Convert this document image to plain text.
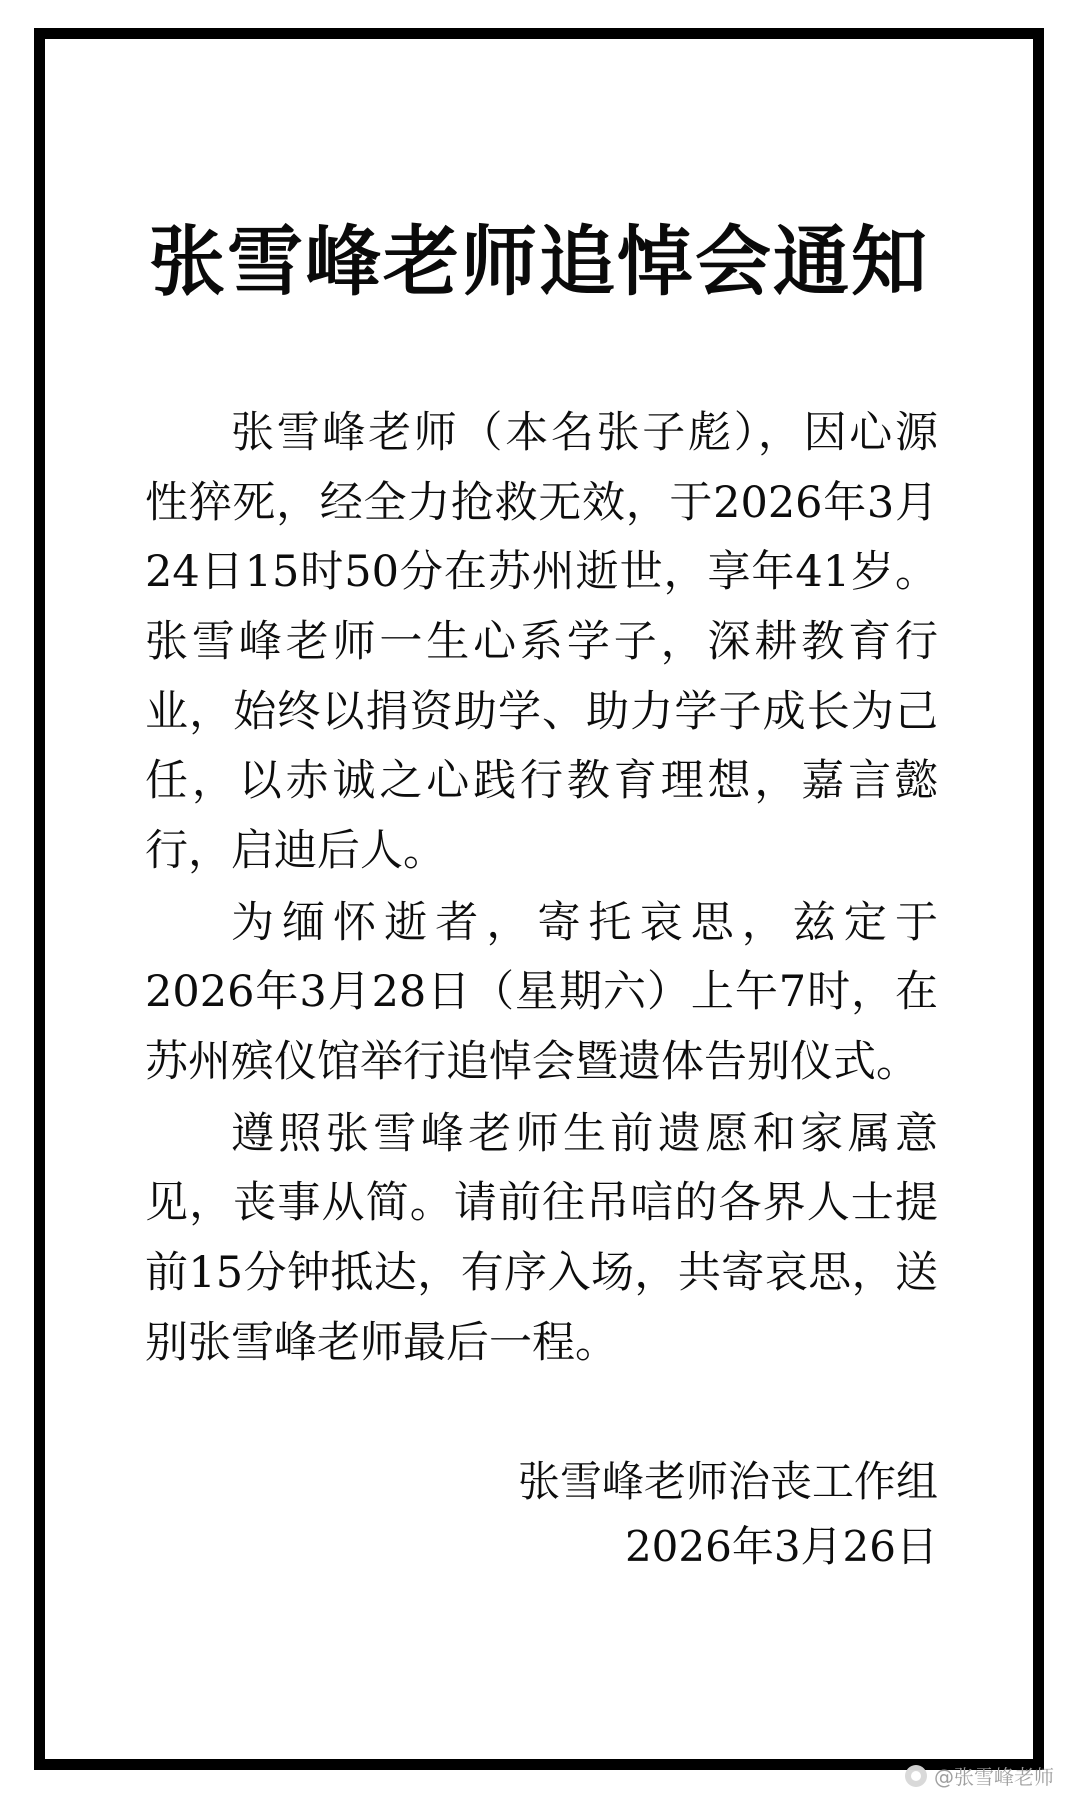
张雪峰老师追悼会通知

张雪峰老师（本名张子彪），因心源性猝死，经全力抢救无效，于2026年3月24日15时50分在苏州逝世，享年41岁。张雪峰老师一生心系学子，深耕教育行业，始终以捐资助学、助力学子成长为己任，以赤诚之心践行教育理想，嘉言懿行，启迪后人。

为缅怀逝者，寄托哀思，兹定于2026年3月28日（星期六）上午7时，在苏州殡仪馆举行追悼会暨遗体告别仪式。

遵照张雪峰老师生前遗愿和家属意见，丧事从简。请前往吊唁的各界人士提前15分钟抵达，有序入场，共寄哀思，送别张雪峰老师最后一程。

张雪峰老师治丧工作组
2026年3月26日
@张雪峰老师
